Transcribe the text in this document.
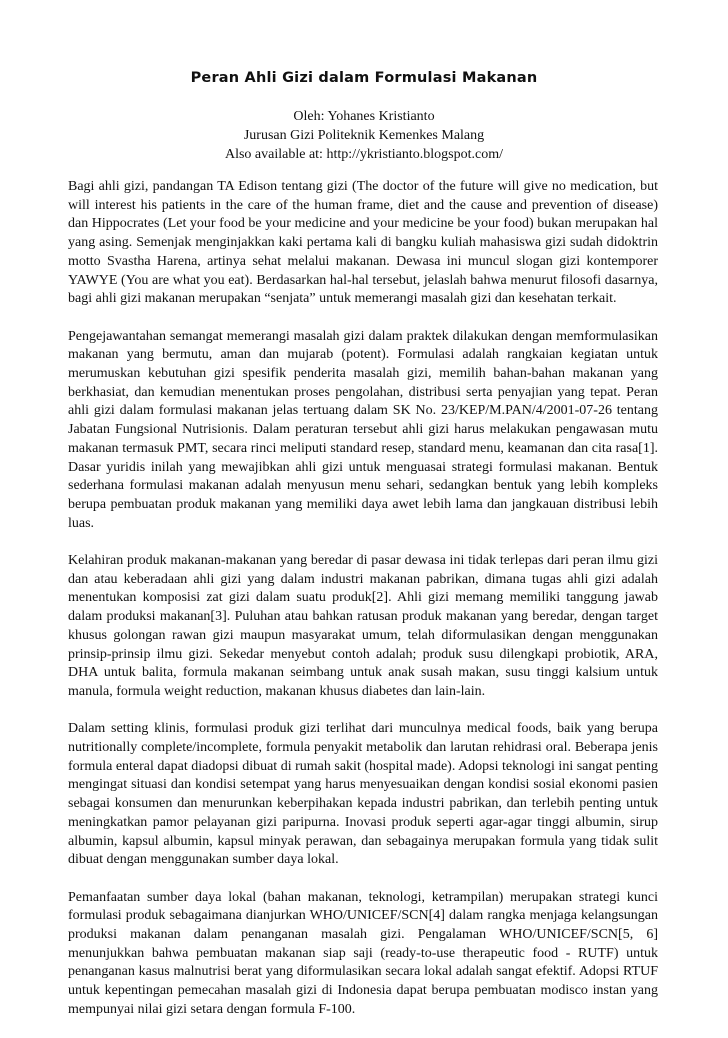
Peran Ahli Gizi dalam Formulasi Makanan
Oleh: Yohanes Kristianto
Jurusan Gizi Politeknik Kemenkes Malang
Also available at: http://ykristianto.blogspot.com/

Bagi ahli gizi, pandangan TA Edison tentang gizi (The doctor of the future will give no medication, but will interest his patients in the care of the human frame, diet and the cause and prevention of disease) dan Hippocrates (Let your food be your medicine and your medicine be your food) bukan merupakan hal yang asing. Semenjak menginjakkan kaki pertama kali di bangku kuliah mahasiswa gizi sudah didoktrin motto Svastha Harena, artinya sehat melalui makanan. Dewasa ini muncul slogan gizi kontemporer YAWYE (You are what you eat). Berdasarkan hal-hal tersebut, jelaslah bahwa menurut filosofi dasarnya, bagi ahli gizi makanan merupakan “senjata” untuk memerangi masalah gizi dan kesehatan terkait.

Pengejawantahan semangat memerangi masalah gizi dalam praktek dilakukan dengan memformulasikan makanan yang bermutu, aman dan mujarab (potent). Formulasi adalah rangkaian kegiatan untuk merumuskan kebutuhan gizi spesifik penderita masalah gizi, memilih bahan-bahan makanan yang berkhasiat, dan kemudian menentukan proses pengolahan, distribusi serta penyajian yang tepat. Peran ahli gizi dalam formulasi makanan jelas tertuang dalam SK No. 23/KEP/M.PAN/4/2001-07-26 tentang Jabatan Fungsional Nutrisionis. Dalam peraturan tersebut ahli gizi harus melakukan pengawasan mutu makanan termasuk PMT, secara rinci meliputi standard resep, standard menu, keamanan dan cita rasa[1]. Dasar yuridis inilah yang mewajibkan ahli gizi untuk menguasai strategi formulasi makanan. Bentuk sederhana formulasi makanan adalah menyusun menu sehari, sedangkan bentuk yang lebih kompleks berupa pembuatan produk makanan yang memiliki daya awet lebih lama dan jangkauan distribusi lebih luas.

Kelahiran produk makanan-makanan yang beredar di pasar dewasa ini tidak terlepas dari peran ilmu gizi dan atau keberadaan ahli gizi yang dalam industri makanan pabrikan, dimana tugas ahli gizi adalah menentukan komposisi zat gizi dalam suatu produk[2]. Ahli gizi memang memiliki tanggung jawab dalam produksi makanan[3]. Puluhan atau bahkan ratusan produk makanan yang beredar, dengan target khusus golongan rawan gizi maupun masyarakat umum, telah diformulasikan dengan menggunakan prinsip-prinsip ilmu gizi. Sekedar menyebut contoh adalah; produk susu dilengkapi probiotik, ARA, DHA untuk balita, formula makanan seimbang untuk anak susah makan, susu tinggi kalsium untuk manula, formula weight reduction, makanan khusus diabetes dan lain-lain.

Dalam setting klinis, formulasi produk gizi terlihat dari munculnya medical foods, baik yang berupa nutritionally complete/incomplete, formula penyakit metabolik dan larutan rehidrasi oral. Beberapa jenis formula enteral dapat diadopsi dibuat di rumah sakit (hospital made). Adopsi teknologi ini sangat penting mengingat situasi dan kondisi setempat yang harus menyesuaikan dengan kondisi sosial ekonomi pasien sebagai konsumen dan menurunkan keberpihakan kepada industri pabrikan, dan terlebih penting untuk meningkatkan pamor pelayanan gizi paripurna. Inovasi produk seperti agar-agar tinggi albumin, sirup albumin, kapsul albumin, kapsul minyak perawan, dan sebagainya merupakan formula yang tidak sulit dibuat dengan menggunakan sumber daya lokal.

Pemanfaatan sumber daya lokal (bahan makanan, teknologi, ketrampilan) merupakan strategi kunci formulasi produk sebagaimana dianjurkan WHO/UNICEF/SCN[4] dalam rangka menjaga kelangsungan produksi makanan dalam penanganan masalah gizi. Pengalaman WHO/UNICEF/SCN[5, 6] menunjukkan bahwa pembuatan makanan siap saji (ready-to-use therapeutic food - RUTF) untuk penanganan kasus malnutrisi berat yang diformulasikan secara lokal adalah sangat efektif. Adopsi RTUF untuk kepentingan pemecahan masalah gizi di Indonesia dapat berupa pembuatan modisco instan yang mempunyai nilai gizi setara dengan formula F-100.
